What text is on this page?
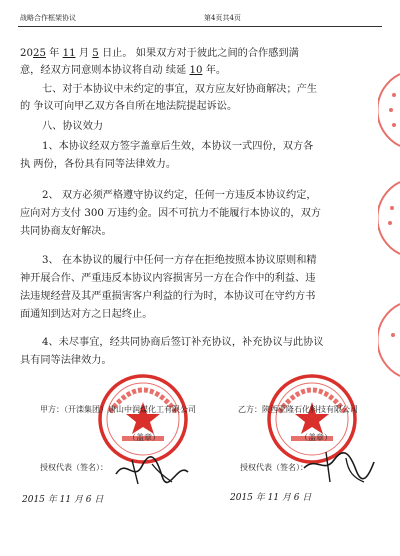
战略合作框架协议	第4页共4页
2025 年 11 月 5 日止。 如果双方对于彼此之间的合作感到满
意，经双方同意则本协议将自动 续延 10 年。
七、对于本协议中未约定的事宜，双方应友好协商解决；产生
的 争议可向甲乙双方各自所在地法院提起诉讼。
八、协议效力
1、本协议经双方签字盖章后生效，本协议一式四份，双方各
执 两份，各份具有同等法律效力。
2、 双方必须严格遵守协议约定，任何一方违反本协议约定，
应向对方支付 300 万违约金。因不可抗力不能履行本协议的，双方
共同协商友好解决。
3、 在本协议的履行中任何一方存在拒绝按照本协议原则和精
神开展合作、严重违反本协议内容损害另一方在合作中的利益、违
法违规经营及其严重损害客户利益的行为时，本协议可在守约方书
面通知到达对方之日起终止。
4、未尽事宜，经共同协商后签订补充协议，补充协议与此协议
具有同等法律效力。
甲方：（开滦集团）唐山中润煤化工有限公司	乙方：陕西亚隆石化科技有限公司
（盖章）	（盖章）
授权代表（签名）：	授权代表（签名）：
2015 年 11 月 6 日	2015 年 11 月 6 日
